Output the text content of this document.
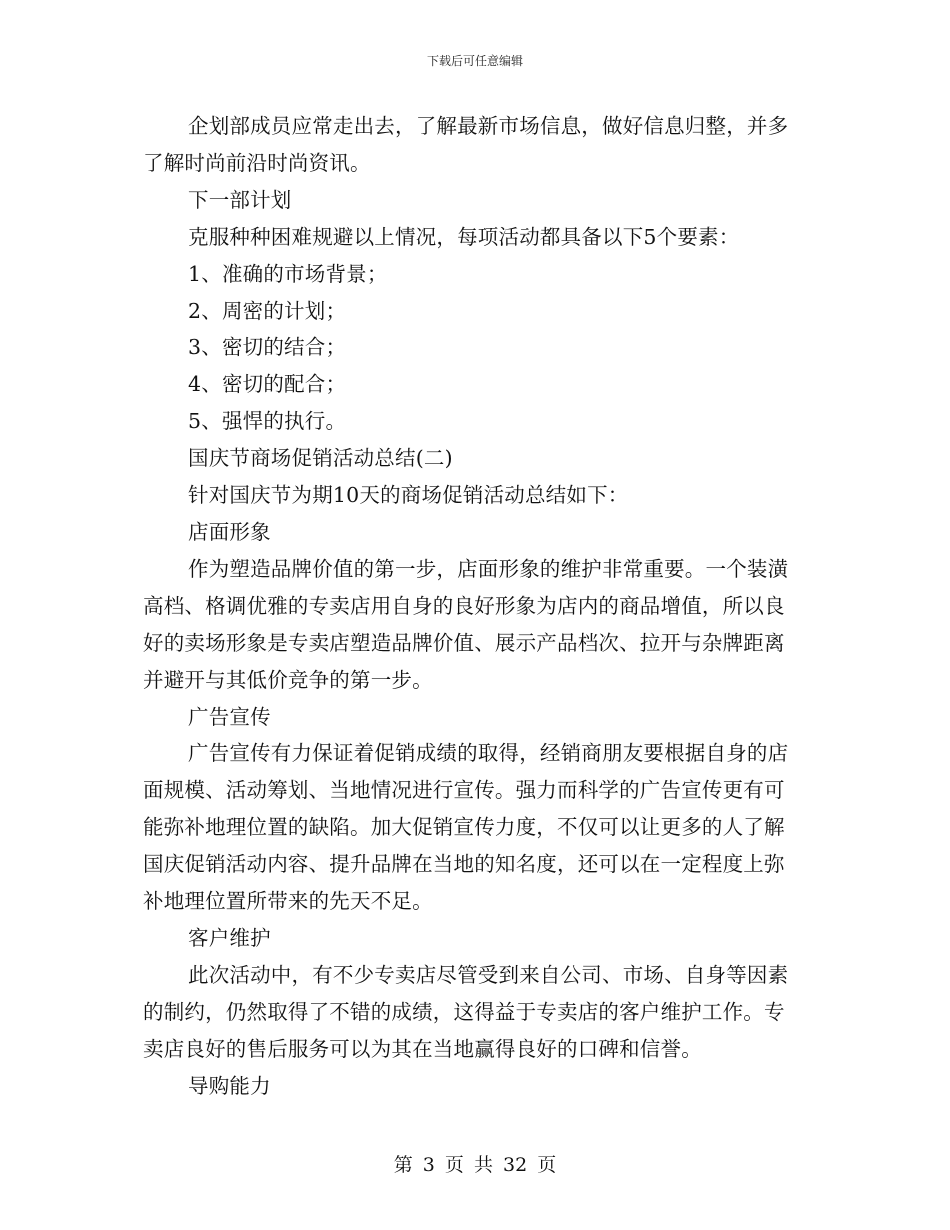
下载后可任意编辑

企划部成员应常走出去，了解最新市场信息，做好信息归整，并多了解时尚前沿时尚资讯。

下一部计划

克服种种困难规避以上情况，每项活动都具备以下5个要素：

1、准确的市场背景；

2、周密的计划；

3、密切的结合；

4、密切的配合；

5、强悍的执行。

国庆节商场促销活动总结(二)

针对国庆节为期10天的商场促销活动总结如下：

店面形象

作为塑造品牌价值的第一步，店面形象的维护非常重要。一个装潢高档、格调优雅的专卖店用自身的良好形象为店内的商品增值，所以良好的卖场形象是专卖店塑造品牌价值、展示产品档次、拉开与杂牌距离并避开与其低价竞争的第一步。

广告宣传

广告宣传有力保证着促销成绩的取得，经销商朋友要根据自身的店面规模、活动筹划、当地情况进行宣传。强力而科学的广告宣传更有可能弥补地理位置的缺陷。加大促销宣传力度，不仅可以让更多的人了解国庆促销活动内容、提升品牌在当地的知名度，还可以在一定程度上弥补地理位置所带来的先天不足。

客户维护

此次活动中，有不少专卖店尽管受到来自公司、市场、自身等因素的制约，仍然取得了不错的成绩，这得益于专卖店的客户维护工作。专卖店良好的售后服务可以为其在当地赢得良好的口碑和信誉。

导购能力

第 3 页 共 32 页
